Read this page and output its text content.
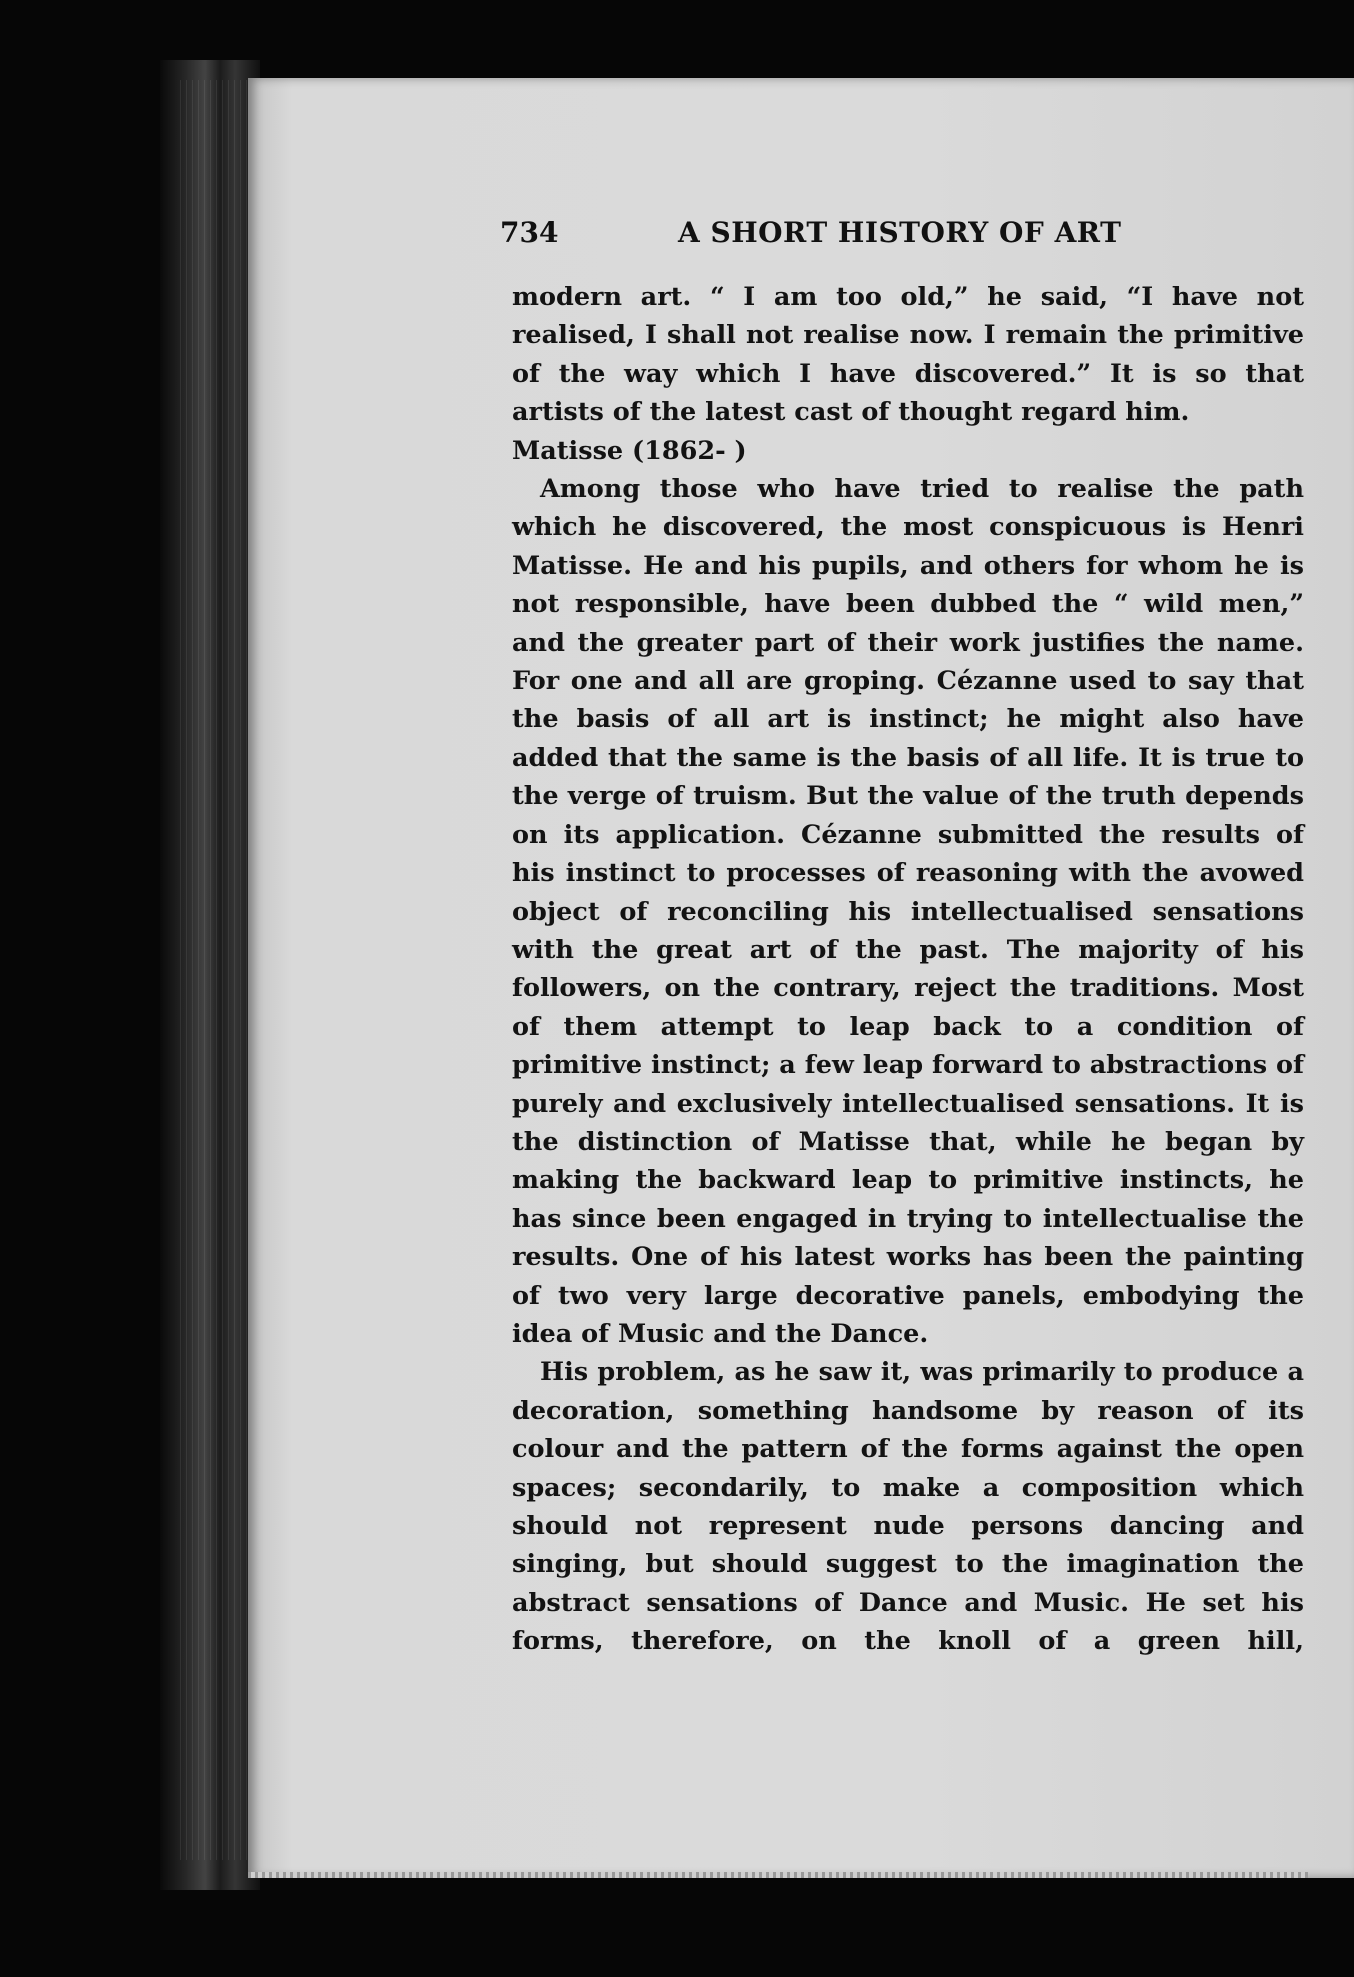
734	A SHORT HISTORY OF ART

modern art. “ I am too old,” he said, “I have not realised, I shall not realise now. I remain the primitive of the way which I have discovered.” It is so that artists of the latest cast of thought regard him.

Matisse (1862- )

Among those who have tried to realise the path which he discovered, the most conspicuous is Henri Matisse. He and his pupils, and others for whom he is not responsible, have been dubbed the “ wild men,” and the greater part of their work justifies the name. For one and all are groping. Cézanne used to say that the basis of all art is instinct; he might also have added that the same is the basis of all life. It is true to the verge of truism. But the value of the truth depends on its application. Cézanne submitted the results of his instinct to processes of reasoning with the avowed object of reconciling his intellectualised sensations with the great art of the past. The majority of his followers, on the contrary, reject the traditions. Most of them attempt to leap back to a condition of primitive instinct; a few leap forward to abstractions of purely and exclusively intellectualised sensations. It is the distinction of Matisse that, while he began by making the backward leap to primitive instincts, he has since been engaged in trying to intellectualise the results. One of his latest works has been the painting of two very large decorative panels, embodying the idea of Music and the Dance.

His problem, as he saw it, was primarily to produce a decoration, something handsome by reason of its colour and the pattern of the forms against the open spaces; secondarily, to make a composition which should not represent nude persons dancing and singing, but should suggest to the imagination the abstract sensations of Dance and Music. He set his forms, therefore, on the knoll of a green hill,
